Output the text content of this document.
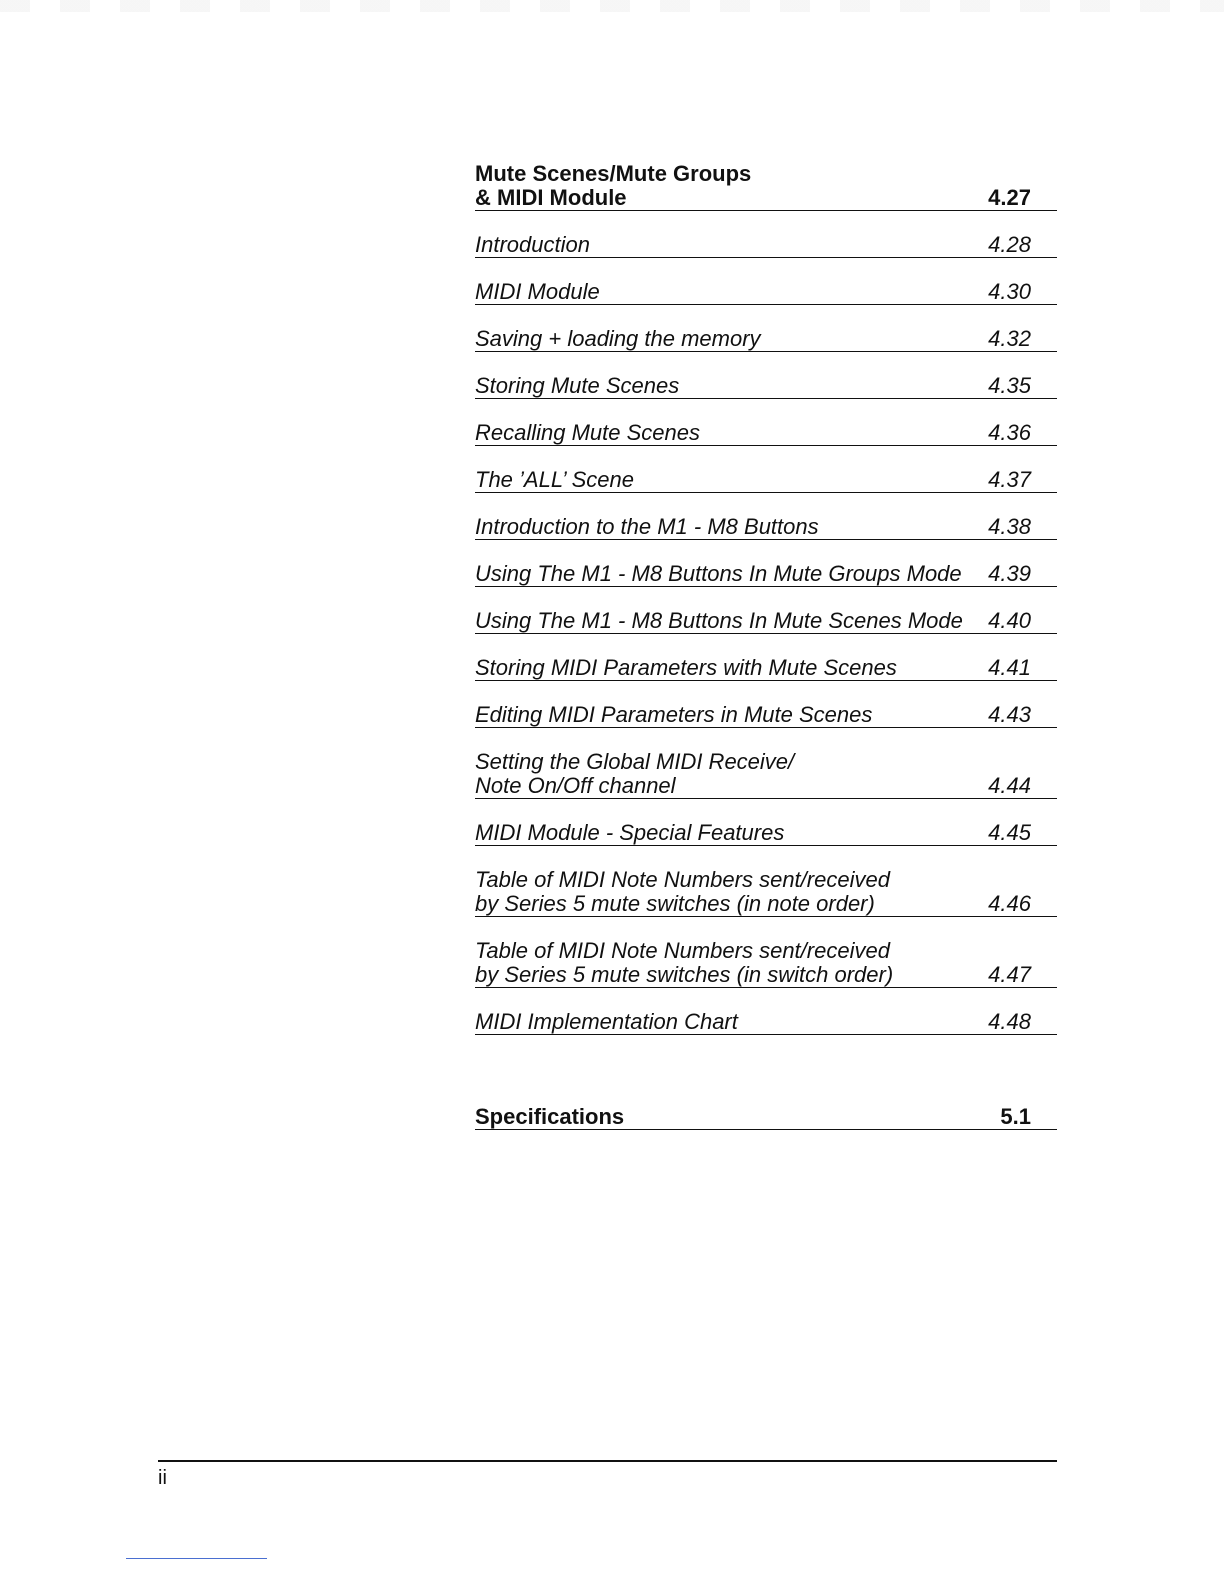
Mute Scenes/Mute Groups
& MIDI Module	4.27
Introduction	4.28
MIDI Module	4.30
Saving + loading the memory	4.32
Storing Mute Scenes	4.35
Recalling Mute Scenes	4.36
The ’ALL’ Scene	4.37
Introduction to the M1 - M8 Buttons	4.38
Using The M1 - M8 Buttons In Mute Groups Mode	4.39
Using The M1 - M8 Buttons In Mute Scenes Mode	4.40
Storing MIDI Parameters with Mute Scenes	4.41
Editing MIDI Parameters in Mute Scenes	4.43
Setting the Global MIDI Receive/
Note On/Off channel	4.44
MIDI Module - Special Features	4.45
Table of MIDI Note Numbers sent/received
by Series 5 mute switches (in note order)	4.46
Table of MIDI Note Numbers sent/received
by Series 5 mute switches (in switch order)	4.47
MIDI Implementation Chart	4.48
Specifications	5.1
ii
